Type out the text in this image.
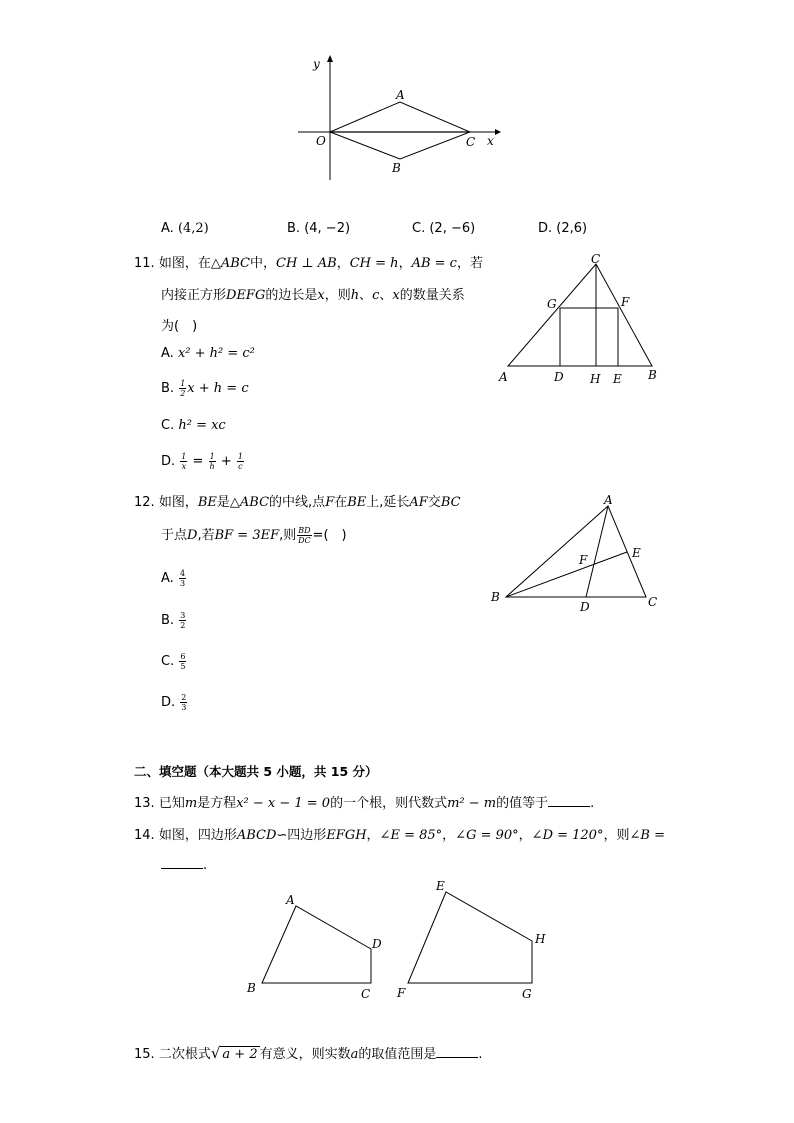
y
x
O
A
B
C
A. (4,2)	B. (4, −2)	C. (2, −6)	D. (2,6)
11. 如图，在△ABC中，CH ⊥ AB，CH = h，AB = c，若
内接正方形DEFG的边长是x，则h、c、x的数量关系
为(　)
A. x² + h² = c²
B. $\frac{1}{2}$ x + h = c
C. h² = xc
D. $\frac{1}{x} = \frac{1}{h} + \frac{1}{c}$
C
G	F
A	D H E B
12. 如图，BE是△ABC的中线,点F在BE上,延长AF交BC
于点D,若BF = 3EF,则 $\frac{BD}{DC}$ =(　)
A. $\frac{4}{3}$
B. $\frac{3}{2}$
C. $\frac{6}{5}$
D. $\frac{2}{3}$
A
E
F
B
D	C
二、填空题（本大题共 5 小题，共 15 分）
13. 已知m是方程x² − x − 1 = 0的一个根，则代数式m² − m的值等于	.
14. 如图，四边形ABCD∽四边形EFGH，∠E = 85°，∠G = 90°，∠D = 120°，则∠B =
.
A
D
B	C
E
H
F	G
15. 二次根式√ a + 2 有意义，则实数a的取值范围是	.
